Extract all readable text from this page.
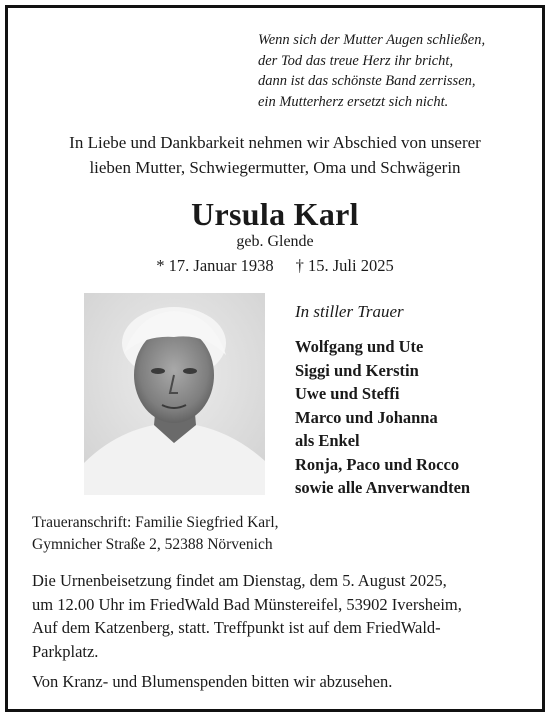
Wenn sich der Mutter Augen schließen,
der Tod das treue Herz ihr bricht,
dann ist das schönste Band zerrissen,
ein Mutterherz ersetzt sich nicht.
In Liebe und Dankbarkeit nehmen wir Abschied von unserer
lieben Mutter, Schwiegermutter, Oma und Schwägerin
Ursula Karl
geb. Glende
* 17. Januar 1938 † 15. Juli 2025
In stiller Trauer
Wolfgang und Ute
Siggi und Kerstin
Uwe und Steffi
Marco und Johanna
als Enkel
Ronja, Paco und Rocco
sowie alle Anverwandten
Traueranschrift: Familie Siegfried Karl,
Gymnicher Straße 2, 52388 Nörvenich
Die Urnenbeisetzung findet am Dienstag, dem 5. August 2025,
um 12.00 Uhr im FriedWald Bad Münstereifel, 53902 Iversheim,
Auf dem Katzenberg, statt. Treffpunkt ist auf dem FriedWald-
Parkplatz.
Von Kranz- und Blumenspenden bitten wir abzusehen.
